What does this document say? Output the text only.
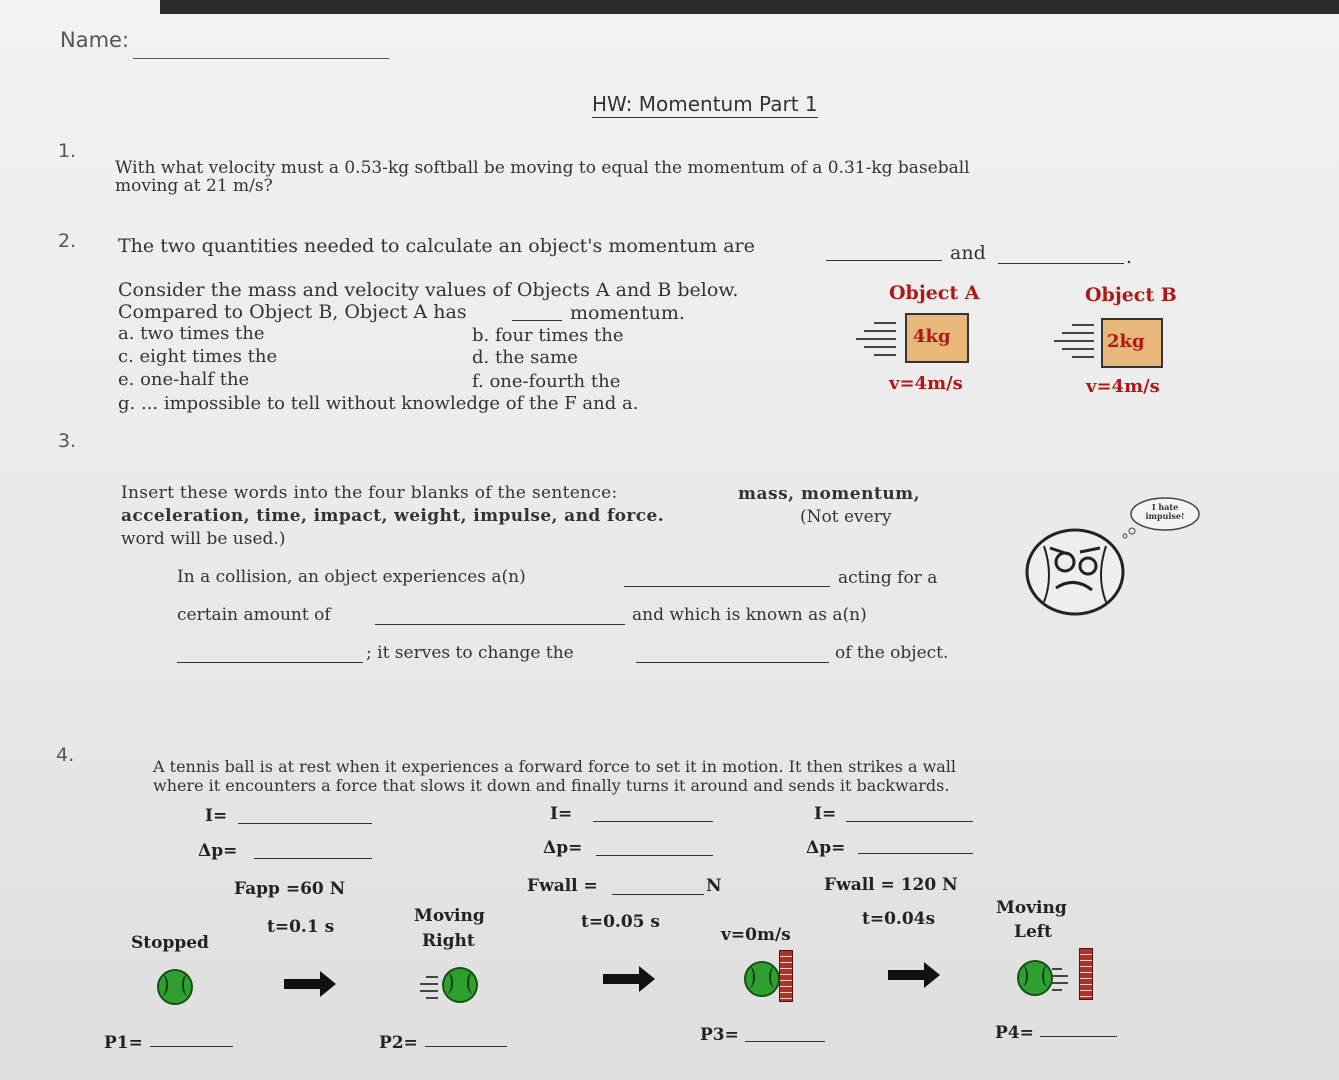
Name:
HW: Momentum Part 1
1.
With what velocity must a 0.53-kg softball be moving to equal the momentum of a 0.31-kg baseball
moving at 21 m/s?
2. The two quantities needed to calculate an object's momentum are	and	.
Consider the mass and velocity values of Objects A and B below.
Compared to Object B, Object A has	momentum.
a. two times the	b. four times the
c. eight times the	d. the same
e. one-half the	f. one-fourth the
g. ... impossible to tell without knowledge of the F and a.
Object A
4kg
v=4m/s
Object B
2kg
v=4m/s
3.
Insert these words into the four blanks of the sentence:	mass, momentum,
acceleration, time, impact, weight, impulse, and force.	(Not every
word will be used.)
In a collision, an object experiences a(n)	acting for a
certain amount of	and which is known as a(n)
; it serves to change the	of the object.
I hate impulse!
4.
A tennis ball is at rest when it experiences a forward force to set it in motion. It then strikes a wall
where it encounters a force that slows it down and finally turns it around and sends it backwards.
I=	I=	I=
Δp=	Δp=	Δp=
Fapp =60 N	Fwall =	N	Fwall = 120 N
t=0.1 s	t=0.05 s	t=0.04s
Stopped
Moving
Right	v=0m/s
Moving
Left
P1=	P2=	P3=	P4=
